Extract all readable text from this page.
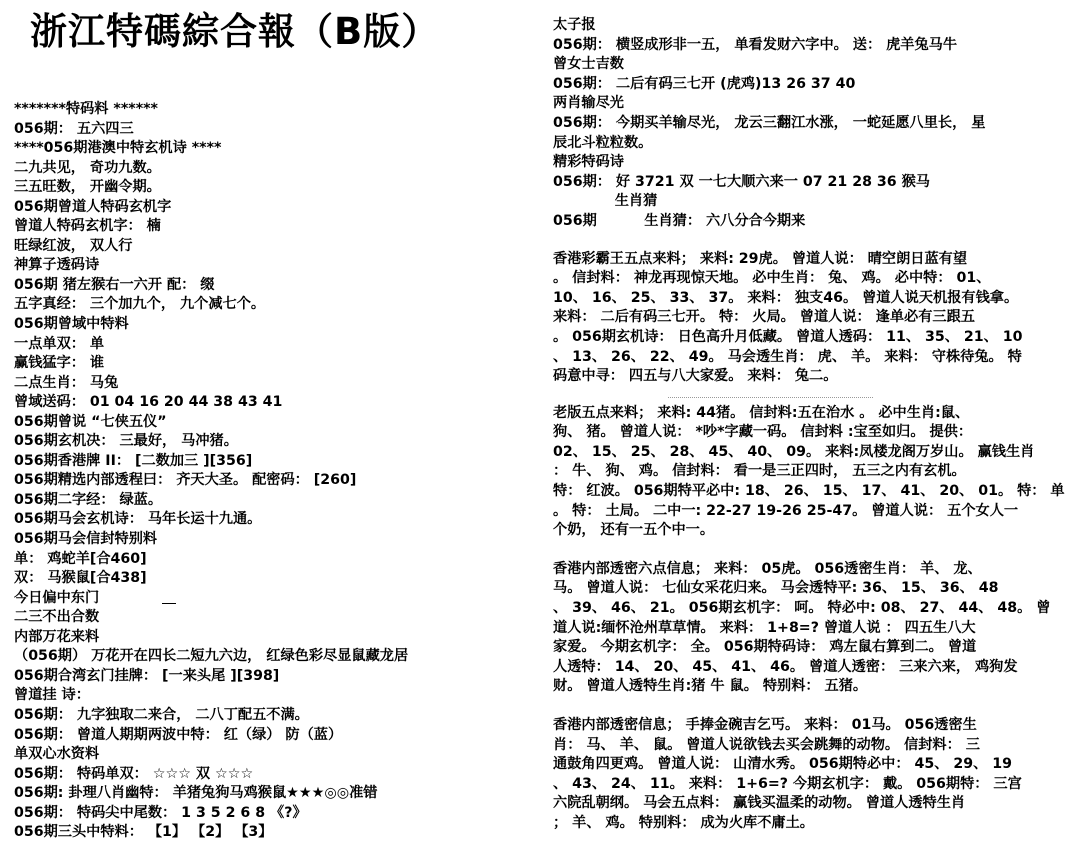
浙江特碼綜合報（B版）
*******特码料 ******
056期： 五六四三
****056期港澳中特玄机诗 ****
二九共见， 奇功九数。
三五旺数， 开幽令期。
056期曾道人特码玄机字
曾道人特码玄机字： 楠
旺绿红波， 双人行
神算子透码诗
056期 猪左猴右一六开 配： 缀
五字真经： 三个加九个， 九个减七个。
056期曾域中特料
一点单双： 单
赢钱猛字： 谁
二点生肖： 马兔
曾域送码： 01 04 16 20 44 38 43 41
056期曾说 “七侠五仪”
056期玄机决： 三最好， 马冲猪。
056期香港牌 II： [二数加三 ][356]
056期精选内部透程曰： 齐天大圣。 配密码： [260]
056期二字经： 绿蓝。
056期马会玄机诗： 马年长运十九通。
056期马会信封特别料
单： 鸡蛇羊[合460]
双： 马猴鼠[合438]
今日偏中东门
二三不出合数
内部万花来料
（056期） 万花开在四长二短九六边， 红绿色彩尽显鼠藏龙居
056期合湾玄门挂牌： [一来头尾 ][398]
曾道挂 诗：
056期： 九字独取二来合， 二八丁配五不满。
056期： 曾道人期期两波中特： 红（绿） 防（蓝）
单双心水资料
056期： 特码单双： ☆☆☆ 双 ☆☆☆
056期: 卦理八肖幽特： 羊猪兔狗马鸡猴鼠★★★◎◎准错
056期： 特码尖中尾数： 1 3 5 2 6 8 《?》
056期三头中特料： 【1】 【2】 【3】
太子报
056期： 横竖成形非一五， 单看发财六字中。 送： 虎羊兔马牛
曾女士吉数
056期： 二后有码三七开 (虎鸡)13 26 37 40
两肖输尽光
056期： 今期买羊输尽光， 龙云三翻江水涨， 一蛇延愿八里长， 星
辰北斗粒粒数。
精彩特码诗
056期： 好 3721 双 一七大顺六来一 07 21 28 36 猴马
　　　　 生肖猜
056期　　　 生肖猜： 六八分合今期来
香港彩霸王五点来料； 来料: 29虎。 曾道人说： 晴空朗日蓝有望
。 信封料： 神龙再现惊天地。 必中生肖： 兔、 鸡。 必中特： 01、
10、 16、 25、 33、 37。 来料： 独支46。 曾道人说天机报有钱拿。
来料： 二后有码三七开。 特： 火局。 曾道人说： 逢单必有三跟五
。 056期玄机诗： 日色高升月低藏。 曾道人透码： 11、 35、 21、 10
、 13、 26、 22、 49。 马会透生肖： 虎、 羊。 来料： 守株待兔。 特
码意中寻： 四五与八大家爱。 来料： 兔二。
老版五点来料； 来料: 44猪。 信封料:五在治水 。 必中生肖:鼠、
狗、 猪。 曾道人说： *吵*字藏一码。 信封料 :宝至如归。 提供：
02、 15、 25、 28、 45、 40、 09。 来料:凤楼龙阁万岁山。 赢钱生肖
： 牛、 狗、 鸡。 信封料： 看一是三正四时， 五三之内有玄机。
特： 红波。 056期特平必中: 18、 26、 15、 17、 41、 20、 01。 特： 单
。 特： 土局。 二中一: 22-27 19-26 25-47。 曾道人说： 五个女人一
个奶， 还有一五个中一。
香港内部透密六点信息； 来料： 05虎。 056透密生肖： 羊、 龙、
马。 曾道人说： 七仙女采花归来。 马会透特平: 36、 15、 36、 48
、 39、 46、 21。 056期玄机字： 呵。 特必中: 08、 27、 44、 48。 曾
道人说:缅怀沧州草草情。 来料： 1+8=? 曾道人说 ： 四五生八大
家爱。 今期玄机字： 全。 056期特码诗： 鸡左鼠右算到二。 曾道
人透特： 14、 20、 45、 41、 46。 曾道人透密： 三来六来， 鸡狗发
财。 曾道人透特生肖:猪 牛 鼠。 特别料： 五猪。
香港内部透密信息； 手捧金碗吉乞丐。 来料： 01马。 056透密生
肖： 马、 羊、 鼠。 曾道人说欲钱去买会跳舞的动物。 信封料： 三
通鼓角四更鸡。 曾道人说： 山清水秀。 056期特必中： 45、 29、 19
、 43、 24、 11。 来料： 1+6=? 今期玄机字： 戴。 056期特： 三宫
六院乱朝纲。 马会五点料： 赢钱买温柔的动物。 曾道人透特生肖
； 羊、 鸡。 特别料： 成为火库不庸土。
